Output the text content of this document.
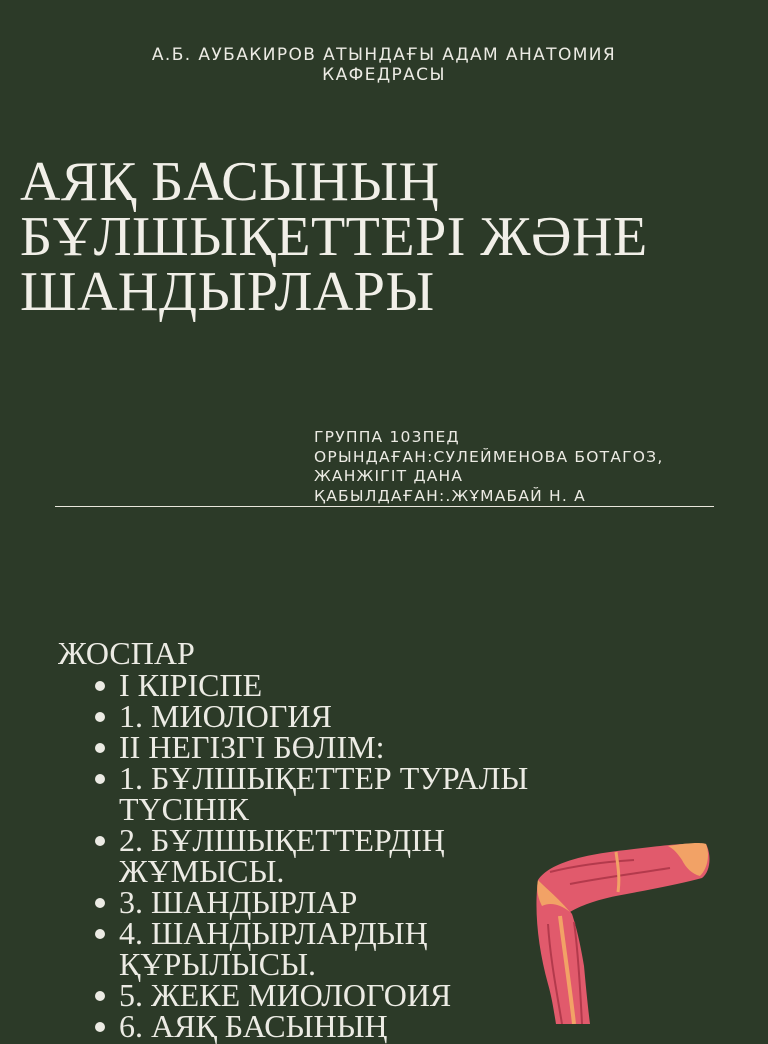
А.Б. АУБАКИРОВ АТЫНДАҒЫ АДАМ АНАТОМИЯ КАФЕДРАСЫ
АЯҚ БАСЫНЫҢ БҰЛШЫҚЕТТЕРІ ЖӘНЕ ШАНДЫРЛАРЫ
ГРУППА 103ПЕД
ОРЫНДАҒАН:СУЛЕЙМЕНОВА БОТАГОЗ, ЖАНЖІГІТ ДАНА
ҚАБЫЛДАҒАН:.ЖҰМАБАЙ Н. А
ЖОСПАР
I КІРІСПЕ
1. МИОЛОГИЯ
II НЕГІЗГІ БӨЛІМ:
1. БҰЛШЫҚЕТТЕР ТУРАЛЫ ТҮСІНІК
2. БҰЛШЫҚЕТТЕРДІҢ ЖҰМЫСЫ.
3. ШАНДЫРЛАР
4. ШАНДЫРЛАРДЫҢ ҚҰРЫЛЫСЫ.
5. ЖЕКЕ МИОЛОГОИЯ
6. АЯҚ БАСЫНЫҢ
